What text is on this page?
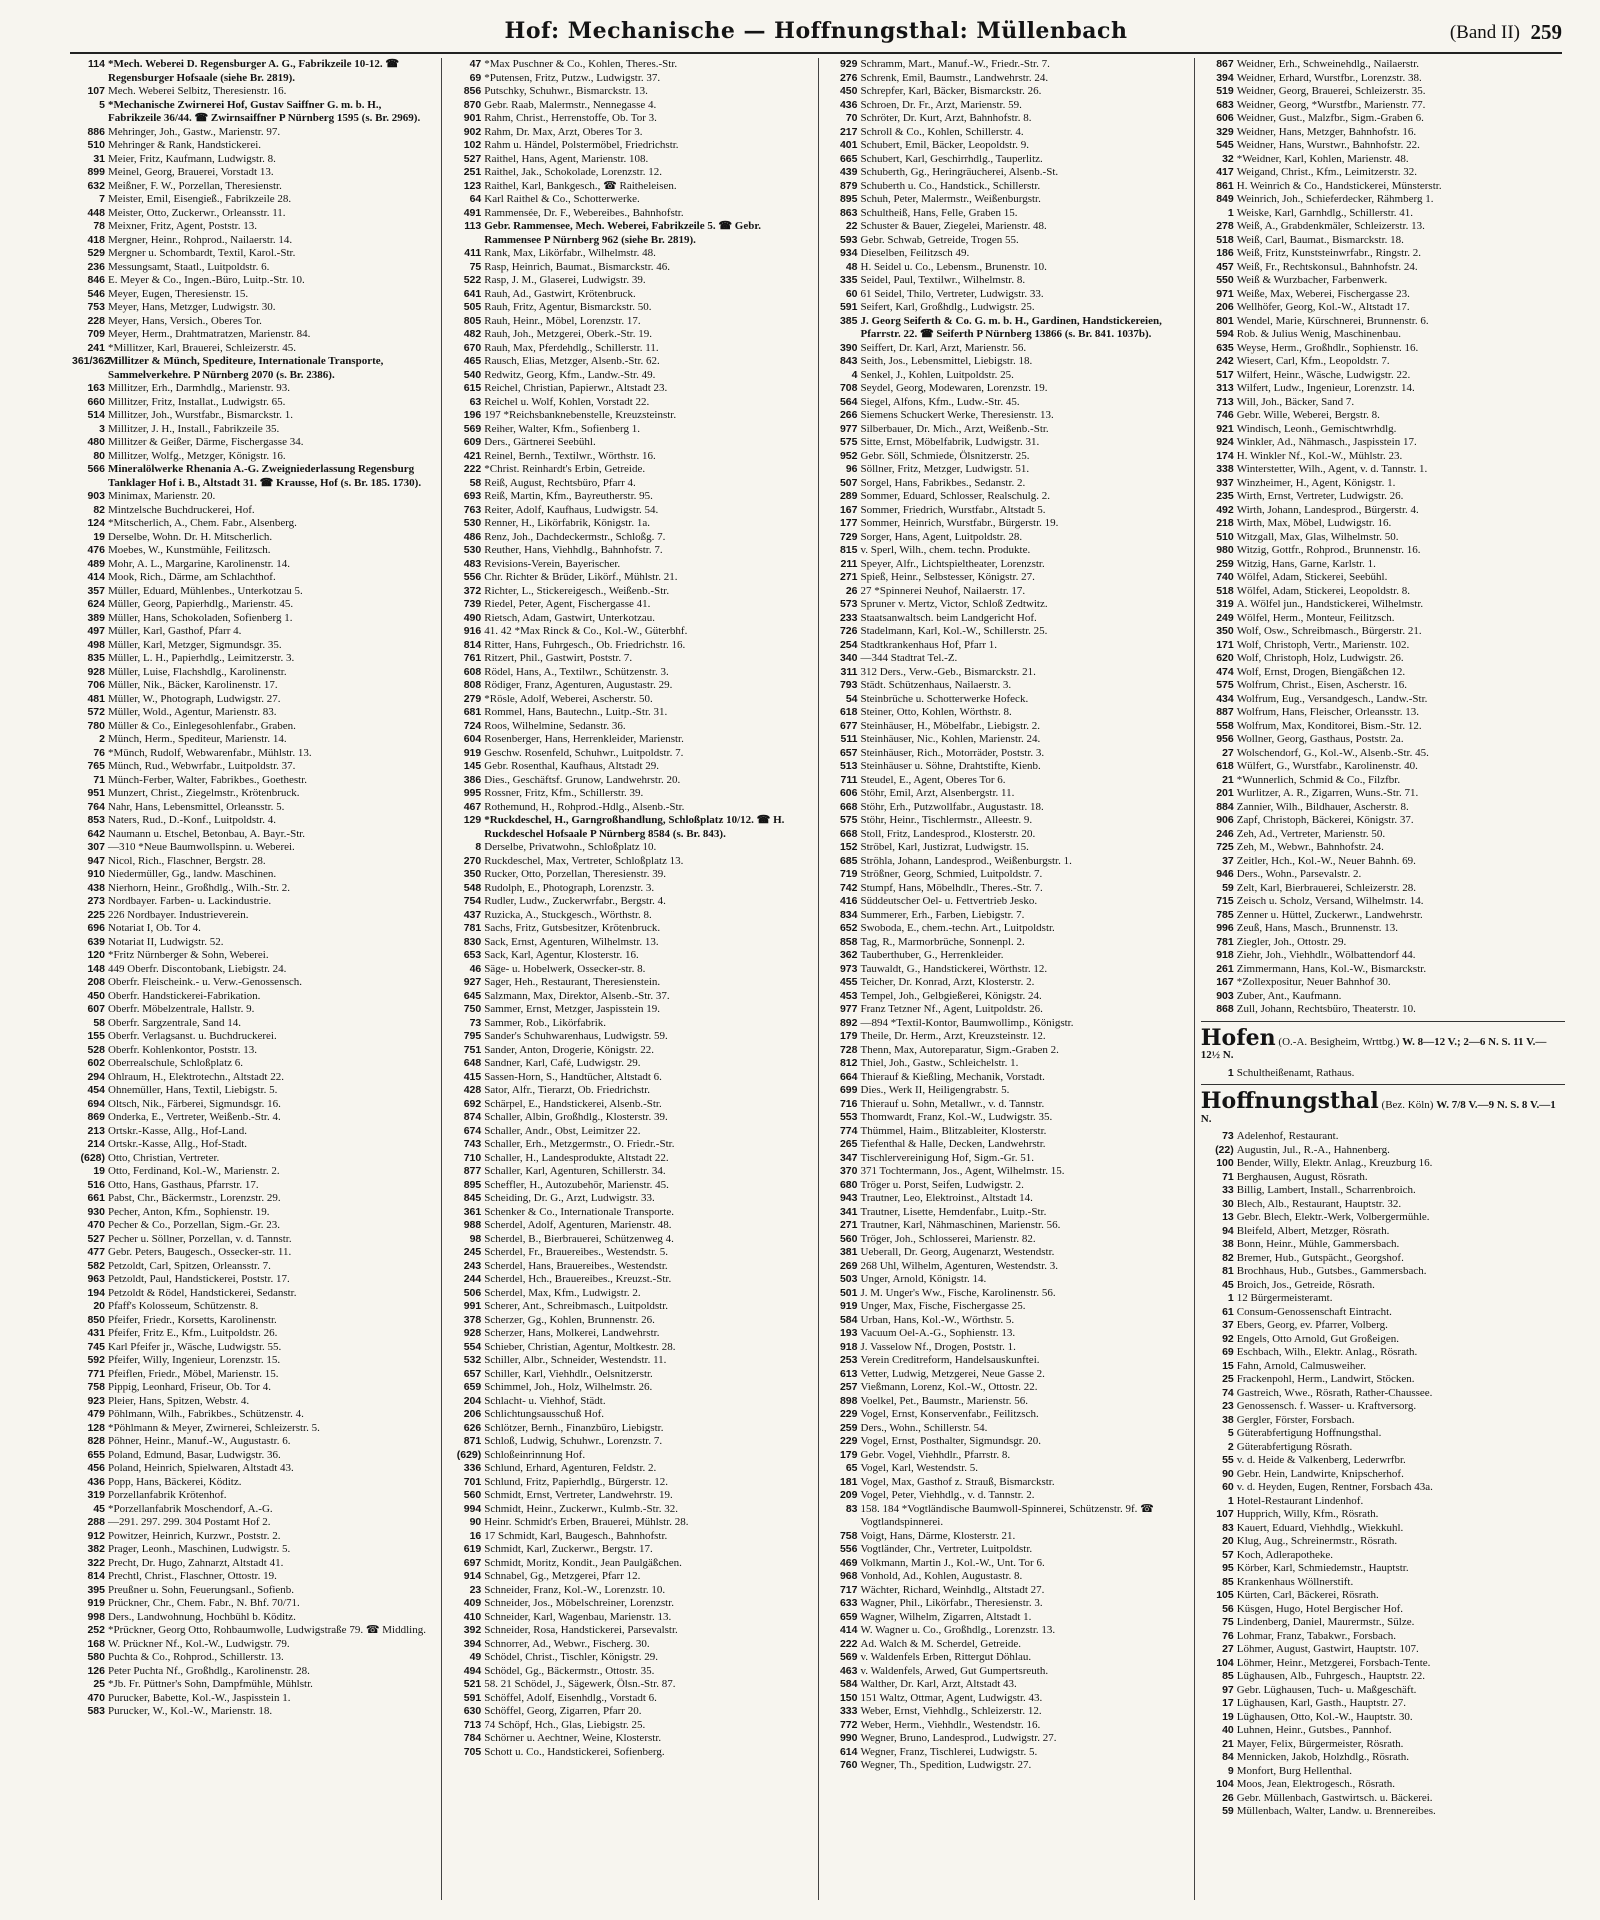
Hof: Mechanische — Hoffnungsthal: Müllenbach	(Band II) 259
114 *Mech. Weberei D. Regensburger A. G., Fabrikzeile 10-12. ☎ Regensburger Hofsaale (siehe Br. 2819).
107 Mech. Weberei Selbitz, Theresienstr. 16.
5 *Mechanische Zwirnerei Hof, Gustav Saiffner G. m. b. H., Fabrikzeile 36/44. ☎ Zwirnsaiffner P Nürnberg 1595 (s. Br. 2969).
886 Mehringer, Joh., Gastw., Marienstr. 97.
510 Mehringer & Rank, Handstickerei.
31 Meier, Fritz, Kaufmann, Ludwigstr. 8.
899 Meinel, Georg, Brauerei, Vorstadt 13.
632 Meißner, F. W., Porzellan, Theresienstr.
7 Meister, Emil, Eisengieß., Fabrikzeile 28.
448 Meister, Otto, Zuckerwr., Orleansstr. 11.
78 Meixner, Fritz, Agent, Poststr. 13.
418 Mergner, Heinr., Rohprod., Nailaerstr. 14.
529 Mergner u. Schombardt, Textil, Karol.-Str.
236 Messungsamt, Staatl., Luitpoldstr. 6.
846 E. Meyer & Co., Ingen.-Büro, Luitp.-Str. 10.
546 Meyer, Eugen, Theresienstr. 15.
753 Meyer, Hans, Metzger, Ludwigstr. 30.
228 Meyer, Hans, Versich., Oberes Tor.
709 Meyer, Herm., Drahtmatratzen, Marienstr. 84.
241 *Millitzer, Karl, Brauerei, Schleizerstr. 45.
361/362
Millitzer & Münch, Spediteure, Internationale Transporte, Sammelverkehre. P Nürnberg 2070 (s. Br. 2386).
163 Millitzer, Erh., Darmhdlg., Marienstr. 93.
660 Millitzer, Fritz, Installat., Ludwigstr. 65.
514 Millitzer, Joh., Wurstfabr., Bismarckstr. 1.
3 Millitzer, J. H., Install., Fabrikzeile 35.
480 Millitzer & Geißer, Därme, Fischergasse 34.
80 Millitzer, Wolfg., Metzger, Königstr. 16.
566 Mineralölwerke Rhenania A.-G. Zweigniederlassung Regensburg Tanklager Hof i. B., Altstadt 31. ☎ Krausse, Hof (s. Br. 185. 1730).
903 Minimax, Marienstr. 20.
82 Mintzelsche Buchdruckerei, Hof.
124 *Mitscherlich, A., Chem. Fabr., Alsenberg.
19 Derselbe, Wohn. Dr. H. Mitscherlich.
476 Moebes, W., Kunstmühle, Feilitzsch.
489 Mohr, A. L., Margarine, Karolinenstr. 14.
414 Mook, Rich., Därme, am Schlachthof.
357 Müller, Eduard, Mühlenbes., Unterkotzau 5.
624 Müller, Georg, Papierhdlg., Marienstr. 45.
389 Müller, Hans, Schokoladen, Sofienberg 1.
497 Müller, Karl, Gasthof, Pfarr 4.
498 Müller, Karl, Metzger, Sigmundsgr. 35.
835 Müller, L. H., Papierhdlg., Leimitzerstr. 3.
928 Müller, Luise, Flachshdlg., Karolinenstr.
706 Müller, Nik., Bäcker, Karolinenstr. 17.
481 Müller, W., Photograph, Ludwigstr. 27.
572 Müller, Wold., Agentur, Marienstr. 83.
780 Müller & Co., Einlegesohlenfabr., Graben.
2 Münch, Herm., Spediteur, Marienstr. 14.
76 *Münch, Rudolf, Webwarenfabr., Mühlstr. 13.
765 Münch, Rud., Webwrfabr., Luitpoldstr. 37.
71 Münch-Ferber, Walter, Fabrikbes., Goethestr.
951 Munzert, Christ., Ziegelmstr., Krötenbruck.
764 Nahr, Hans, Lebensmittel, Orleansstr. 5.
853 Naters, Rud., D.-Konf., Luitpoldstr. 4.
642 Naumann u. Etschel, Betonbau, A. Bayr.-Str.
307 —310 *Neue Baumwollspinn. u. Weberei.
947 Nicol, Rich., Flaschner, Bergstr. 28.
910 Niedermüller, Gg., landw. Maschinen.
438 Nierhorn, Heinr., Großhdlg., Wilh.-Str. 2.
273 Nordbayer. Farben- u. Lackindustrie.
225 226 Nordbayer. Industrieverein.
696 Notariat I, Ob. Tor 4.
639 Notariat II, Ludwigstr. 52.
120 *Fritz Nürnberger & Sohn, Weberei.
148 449 Oberfr. Discontobank, Liebigstr. 24.
208 Oberfr. Fleischeink.- u. Verw.-Genossensch.
450 Oberfr. Handstickerei-Fabrikation.
607 Oberfr. Möbelzentrale, Hallstr. 9.
58 Oberfr. Sargzentrale, Sand 14.
155 Oberfr. Verlagsanst. u. Buchdruckerei.
528 Oberfr. Kohlenkontor, Poststr. 13.
602 Oberrealschule, Schloßplatz 6.
294 Ohlraum, H., Elektrotechn., Altstadt 22.
454 Ohnemüller, Hans, Textil, Liebigstr. 5.
694 Oltsch, Nik., Färberei, Sigmundsgr. 16.
869 Onderka, E., Vertreter, Weißenb.-Str. 4.
213 Ortskr.-Kasse, Allg., Hof-Land.
214 Ortskr.-Kasse, Allg., Hof-Stadt.
(628) Otto, Christian, Vertreter.
19 Otto, Ferdinand, Kol.-W., Marienstr. 2.
516 Otto, Hans, Gasthaus, Pfarrstr. 17.
661 Pabst, Chr., Bäckermstr., Lorenzstr. 29.
930 Pecher, Anton, Kfm., Sophienstr. 19.
470 Pecher & Co., Porzellan, Sigm.-Gr. 23.
527 Pecher u. Söllner, Porzellan, v. d. Tannstr.
477 Gebr. Peters, Baugesch., Ossecker-str. 11.
582 Petzoldt, Carl, Spitzen, Orleansstr. 7.
963 Petzoldt, Paul, Handstickerei, Poststr. 17.
194 Petzoldt & Rödel, Handstickerei, Sedanstr.
20 Pfaff's Kolosseum, Schützenstr. 8.
850 Pfeifer, Friedr., Korsetts, Karolinenstr.
431 Pfeifer, Fritz E., Kfm., Luitpoldstr. 26.
745 Karl Pfeifer jr., Wäsche, Ludwigstr. 55.
592 Pfeifer, Willy, Ingenieur, Lorenzstr. 15.
771 Pfeiflen, Friedr., Möbel, Marienstr. 15.
758 Pippig, Leonhard, Friseur, Ob. Tor 4.
923 Pleier, Hans, Spitzen, Webstr. 4.
479 Pöhlmann, Wilh., Fabrikbes., Schützenstr. 4.
128 *Pöhlmann & Meyer, Zwirnerei, Schleizerstr. 5.
828 Pöhner, Heinr., Manuf.-W., Augustastr. 6.
655 Poland, Edmund, Basar, Ludwigstr. 36.
456 Poland, Heinrich, Spielwaren, Altstadt 43.
436 Popp, Hans, Bäckerei, Köditz.
319 Porzellanfabrik Krötenhof.
45 *Porzellanfabrik Moschendorf, A.-G.
288 —291. 297. 299. 304 Postamt Hof 2.
912 Powitzer, Heinrich, Kurzwr., Poststr. 2.
382 Prager, Leonh., Maschinen, Ludwigstr. 5.
322 Precht, Dr. Hugo, Zahnarzt, Altstadt 41.
814 Prechtl, Christ., Flaschner, Ottostr. 19.
395 Preußner u. Sohn, Feuerungsanl., Sofienb.
919 Prückner, Chr., Chem. Fabr., N. Bhf. 70/71.
998 Ders., Landwohnung, Hochbühl b. Köditz.
252 *Prückner, Georg Otto, Rohbaumwolle, Ludwigstraße 79. ☎ Middling.
168 W. Prückner Nf., Kol.-W., Ludwigstr. 79.
580 Puchta & Co., Rohprod., Schillerstr. 13.
126 Peter Puchta Nf., Großhdlg., Karolinenstr. 28.
25 *Jb. Fr. Püttner's Sohn, Dampfmühle, Mühlstr.
470 Purucker, Babette, Kol.-W., Jaspisstein 1.
583 Purucker, W., Kol.-W., Marienstr. 18.
47 *Max Puschner & Co., Kohlen, Theres.-Str.
69 *Putensen, Fritz, Putzw., Ludwigstr. 37.
856 Putschky, Schuhwr., Bismarckstr. 13.
870 Gebr. Raab, Malermstr., Nennegasse 4.
901 Rahm, Christ., Herrenstoffe, Ob. Tor 3.
902 Rahm, Dr. Max, Arzt, Oberes Tor 3.
102 Rahm u. Händel, Polstermöbel, Friedrichstr.
527 Raithel, Hans, Agent, Marienstr. 108.
251 Raithel, Jak., Schokolade, Lorenzstr. 12.
123 Raithel, Karl, Bankgesch., ☎ Raitheleisen.
64 Karl Raithel & Co., Schotterwerke.
491 Rammensée, Dr. F., Webereibes., Bahnhofstr.
113 Gebr. Rammensee, Mech. Weberei, Fabrikzeile 5. ☎ Gebr. Rammensee P Nürnberg 962 (siehe Br. 2819).
411 Rank, Max, Likörfabr., Wilhelmstr. 48.
75 Rasp, Heinrich, Baumat., Bismarckstr. 46.
522 Rasp, J. M., Glaserei, Ludwigstr. 39.
641 Rauh, Ad., Gastwirt, Krötenbruck.
505 Rauh, Fritz, Agentur, Bismarckstr. 50.
805 Rauh, Heinr., Möbel, Lorenzstr. 17.
482 Rauh, Joh., Metzgerei, Oberk.-Str. 19.
670 Rauh, Max, Pferdehdlg., Schillerstr. 11.
465 Rausch, Elias, Metzger, Alsenb.-Str. 62.
540 Redwitz, Georg, Kfm., Landw.-Str. 49.
615 Reichel, Christian, Papierwr., Altstadt 23.
63 Reichel u. Wolf, Kohlen, Vorstadt 22.
196 197 *Reichsbanknebenstelle, Kreuzsteinstr.
569 Reiher, Walter, Kfm., Sofienberg 1.
609 Ders., Gärtnerei Seebühl.
421 Reinel, Bernh., Textilwr., Wörthstr. 16.
222 *Christ. Reinhardt's Erbin, Getreide.
58 Reiß, August, Rechtsbüro, Pfarr 4.
693 Reiß, Martin, Kfm., Bayreutherstr. 95.
763 Reiter, Adolf, Kaufhaus, Ludwigstr. 54.
530 Renner, H., Likörfabrik, Königstr. 1a.
486 Renz, Joh., Dachdeckermstr., Schloßg. 7.
530 Reuther, Hans, Viehhdlg., Bahnhofstr. 7.
483 Revisions-Verein, Bayerischer.
556 Chr. Richter & Brüder, Likörf., Mühlstr. 21.
372 Richter, L., Stickereigesch., Weißenb.-Str.
739 Riedel, Peter, Agent, Fischergasse 41.
490 Rietsch, Adam, Gastwirt, Unterkotzau.
916 41. 42 *Max Rinck & Co., Kol.-W., Güterbhf.
814 Ritter, Hans, Fuhrgesch., Ob. Friedrichstr. 16.
761 Ritzert, Phil., Gastwirt, Poststr. 7.
608 Rödel, Hans, A., Textilwr., Schützenstr. 3.
808 Rödiger, Franz, Agenturen, Augustastr. 29.
279 *Rösle, Adolf, Weberei, Ascherstr. 50.
681 Rommel, Hans, Bautechn., Luitp.-Str. 31.
724 Roos, Wilhelmine, Sedanstr. 36.
604 Rosenberger, Hans, Herrenkleider, Marienstr.
919 Geschw. Rosenfeld, Schuhwr., Luitpoldstr. 7.
145 Gebr. Rosenthal, Kaufhaus, Altstadt 29.
386 Dies., Geschäftsf. Grunow, Landwehrstr. 20.
995 Rossner, Fritz, Kfm., Schillerstr. 39.
467 Rothemund, H., Rohprod.-Hdlg., Alsenb.-Str.
129 *Ruckdeschel, H., Garngroßhandlung, Schloßplatz 10/12. ☎ H. Ruckdeschel Hofsaale P Nürnberg 8584 (s. Br. 843).
8 Derselbe, Privatwohn., Schloßplatz 10.
270 Ruckdeschel, Max, Vertreter, Schloßplatz 13.
350 Rucker, Otto, Porzellan, Theresienstr. 39.
548 Rudolph, E., Photograph, Lorenzstr. 3.
754 Rudler, Ludw., Zuckerwrfabr., Bergstr. 4.
437 Ruzicka, A., Stuckgesch., Wörthstr. 8.
781 Sachs, Fritz, Gutsbesitzer, Krötenbruck.
830 Sack, Ernst, Agenturen, Wilhelmstr. 13.
653 Sack, Karl, Agentur, Klosterstr. 16.
46 Säge- u. Hobelwerk, Ossecker-str. 8.
927 Sager, Heh., Restaurant, Theresienstein.
645 Salzmann, Max, Direktor, Alsenb.-Str. 37.
750 Sammer, Ernst, Metzger, Jaspisstein 19.
73 Sammer, Rob., Likörfabrik.
795 Sander's Schuhwarenhaus, Ludwigstr. 59.
751 Sander, Anton, Drogerie, Königstr. 22.
648 Sandner, Karl, Café, Ludwigstr. 29.
415 Sassen-Horn, S., Handtücher, Altstadt 6.
428 Sator, Alfr., Tierarzt, Ob. Friedrichstr.
692 Schärpel, E., Handstickerei, Alsenb.-Str.
874 Schaller, Albin, Großhdlg., Klosterstr. 39.
674 Schaller, Andr., Obst, Leimitzer 22.
743 Schaller, Erh., Metzgermstr., O. Friedr.-Str.
710 Schaller, H., Landesprodukte, Altstadt 22.
877 Schaller, Karl, Agenturen, Schillerstr. 34.
895 Scheffler, H., Autozubehör, Marienstr. 45.
845 Scheiding, Dr. G., Arzt, Ludwigstr. 33.
361 Schenker & Co., Internationale Transporte.
988 Scherdel, Adolf, Agenturen, Marienstr. 48.
98 Scherdel, B., Bierbrauerei, Schützenweg 4.
245 Scherdel, Fr., Brauereibes., Westendstr. 5.
243 Scherdel, Hans, Brauereibes., Westendstr.
244 Scherdel, Hch., Brauereibes., Kreuzst.-Str.
506 Scherdel, Max, Kfm., Ludwigstr. 2.
991 Scherer, Ant., Schreibmasch., Luitpoldstr.
378 Scherzer, Gg., Kohlen, Brunnenstr. 26.
928 Scherzer, Hans, Molkerei, Landwehrstr.
554 Schieber, Christian, Agentur, Moltkestr. 28.
532 Schiller, Albr., Schneider, Westendstr. 11.
657 Schiller, Karl, Viehhdlr., Oelsnitzerstr.
659 Schimmel, Joh., Holz, Wilhelmstr. 26.
204 Schlacht- u. Viehhof, Städt.
206 Schlichtungsausschuß Hof.
626 Schlötzer, Bernh., Finanzbüro, Liebigstr.
871 Schloß, Ludwig, Schuhwr., Lorenzstr. 7.
(629) Schloßeinrinnung Hof.
336 Schlund, Erhard, Agenturen, Feldstr. 2.
701 Schlund, Fritz, Papierhdlg., Bürgerstr. 12.
560 Schmidt, Ernst, Vertreter, Landwehrstr. 19.
994 Schmidt, Heinr., Zuckerwr., Kulmb.-Str. 32.
90 Heinr. Schmidt's Erben, Brauerei, Mühlstr. 28.
16 17 Schmidt, Karl, Baugesch., Bahnhofstr.
619 Schmidt, Karl, Zuckerwr., Bergstr. 17.
697 Schmidt, Moritz, Kondit., Jean Paulgäßchen.
914 Schnabel, Gg., Metzgerei, Pfarr 12.
23 Schneider, Franz, Kol.-W., Lorenzstr. 10.
409 Schneider, Jos., Möbelschreiner, Lorenzstr.
410 Schneider, Karl, Wagenbau, Marienstr. 13.
392 Schneider, Rosa, Handstickerei, Parsevalstr.
394 Schnorrer, Ad., Webwr., Fischerg. 30.
49 Schödel, Christ., Tischler, Königstr. 29.
494 Schödel, Gg., Bäckermstr., Ottostr. 35.
521 58. 21 Schödel, J., Sägewerk, Ölsn.-Str. 87.
591 Schöffel, Adolf, Eisenhdlg., Vorstadt 6.
630 Schöffel, Georg, Zigarren, Pfarr 20.
713 74 Schöpf, Hch., Glas, Liebigstr. 25.
784 Schörner u. Aechtner, Weine, Klosterstr.
705 Schott u. Co., Handstickerei, Sofienberg.
929 Schramm, Mart., Manuf.-W., Friedr.-Str. 7.
276 Schrenk, Emil, Baumstr., Landwehrstr. 24.
450 Schrepfer, Karl, Bäcker, Bismarckstr. 26.
436 Schroen, Dr. Fr., Arzt, Marienstr. 59.
70 Schröter, Dr. Kurt, Arzt, Bahnhofstr. 8.
217 Schroll & Co., Kohlen, Schillerstr. 4.
401 Schubert, Emil, Bäcker, Leopoldstr. 9.
665 Schubert, Karl, Geschirrhdlg., Tauperlitz.
439 Schuberth, Gg., Heringräucherei, Alsenb.-St.
879 Schuberth u. Co., Handstick., Schillerstr.
895 Schuh, Peter, Malermstr., Weißenburgstr.
863 Schultheiß, Hans, Felle, Graben 15.
22 Schuster & Bauer, Ziegelei, Marienstr. 48.
593 Gebr. Schwab, Getreide, Trogen 55.
934 Dieselben, Feilitzsch 49.
48 H. Seidel u. Co., Lebensm., Brunenstr. 10.
335 Seidel, Paul, Textilwr., Wilhelmstr. 8.
60 61 Seidel, Thilo, Vertreter, Ludwigstr. 33.
591 Seifert, Karl, Großhdlg., Ludwigstr. 25.
385 J. Georg Seiferth & Co. G. m. b. H., Gardinen, Handstickereien, Pfarrstr. 22. ☎ Seiferth P Nürnberg 13866 (s. Br. 841. 1037b).
390 Seiffert, Dr. Karl, Arzt, Marienstr. 56.
843 Seith, Jos., Lebensmittel, Liebigstr. 18.
4 Senkel, J., Kohlen, Luitpoldstr. 25.
708 Seydel, Georg, Modewaren, Lorenzstr. 19.
564 Siegel, Alfons, Kfm., Ludw.-Str. 45.
266 Siemens Schuckert Werke, Theresienstr. 13.
977 Silberbauer, Dr. Mich., Arzt, Weißenb.-Str.
575 Sitte, Ernst, Möbelfabrik, Ludwigstr. 31.
952 Gebr. Söll, Schmiede, Ölsnitzerstr. 25.
96 Söllner, Fritz, Metzger, Ludwigstr. 51.
507 Sorgel, Hans, Fabrikbes., Sedanstr. 2.
289 Sommer, Eduard, Schlosser, Realschulg. 2.
167 Sommer, Friedrich, Wurstfabr., Altstadt 5.
177 Sommer, Heinrich, Wurstfabr., Bürgerstr. 19.
729 Sorger, Hans, Agent, Luitpoldstr. 28.
815 v. Sperl, Wilh., chem. techn. Produkte.
211 Speyer, Alfr., Lichtspieltheater, Lorenzstr.
271 Spieß, Heinr., Selbstesser, Königstr. 27.
26 27 *Spinnerei Neuhof, Nailaerstr. 17.
573 Spruner v. Mertz, Victor, Schloß Zedtwitz.
233 Staatsanwaltsch. beim Landgericht Hof.
726 Stadelmann, Karl, Kol.-W., Schillerstr. 25.
254 Stadtkrankenhaus Hof, Pfarr 1.
340 —344 Stadtrat Tel.-Z.
311 312 Ders., Verw.-Geb., Bismarckstr. 21.
793 Städt. Schützenhaus, Nailaerstr. 3.
54 Steinbrüche u. Schotterwerke Hofeck.
618 Steiner, Otto, Kohlen, Wörthstr. 8.
677 Steinhäuser, H., Möbelfabr., Liebigstr. 2.
511 Steinhäuser, Nic., Kohlen, Marienstr. 24.
657 Steinhäuser, Rich., Motorräder, Poststr. 3.
513 Steinhäuser u. Söhne, Drahtstifte, Kienb.
711 Steudel, E., Agent, Oberes Tor 6.
606 Stöhr, Emil, Arzt, Alsenbergstr. 11.
668 Stöhr, Erh., Putzwollfabr., Augustastr. 18.
575 Stöhr, Heinr., Tischlermstr., Alleestr. 9.
668 Stoll, Fritz, Landesprod., Klosterstr. 20.
152 Ströbel, Karl, Justizrat, Ludwigstr. 15.
685 Ströhla, Johann, Landesprod., Weißenburgstr. 1.
719 Strößner, Georg, Schmied, Luitpoldstr. 7.
742 Stumpf, Hans, Möbelhdlr., Theres.-Str. 7.
416 Süddeutscher Oel- u. Fettvertrieb Jesko.
834 Summerer, Erh., Farben, Liebigstr. 7.
652 Swoboda, E., chem.-techn. Art., Luitpoldstr.
858 Tag, R., Marmorbrüche, Sonnenpl. 2.
362 Tauberthuber, G., Herrenkleider.
973 Tauwaldt, G., Handstickerei, Wörthstr. 12.
455 Teicher, Dr. Konrad, Arzt, Klosterstr. 2.
453 Tempel, Joh., Gelbgießerei, Königstr. 24.
977 Franz Tetzner Nf., Agent, Luitpoldstr. 26.
892 —894 *Textil-Kontor, Baumwollimp., Königstr.
179 Theile, Dr. Herm., Arzt, Kreuzsteinstr. 12.
728 Thenn, Max, Autoreparatur, Sigm.-Graben 2.
812 Thiel, Joh., Gastw., Schleichelstr. 1.
664 Thierauf & Kießling, Mechanik, Vorstadt.
699 Dies., Werk II, Heiligengrabstr. 5.
716 Thierauf u. Sohn, Metallwr., v. d. Tannstr.
553 Thomwardt, Franz, Kol.-W., Ludwigstr. 35.
774 Thümmel, Haim., Blitzableiter, Klosterstr.
265 Tiefenthal & Halle, Decken, Landwehrstr.
347 Tischlervereinigung Hof, Sigm.-Gr. 51.
370 371 Tochtermann, Jos., Agent, Wilhelmstr. 15.
680 Tröger u. Porst, Seifen, Ludwigstr. 2.
943 Trautner, Leo, Elektroinst., Altstadt 14.
341 Trautner, Lisette, Hemdenfabr., Luitp.-Str.
271 Trautner, Karl, Nähmaschinen, Marienstr. 56.
560 Tröger, Joh., Schlosserei, Marienstr. 82.
381 Ueberall, Dr. Georg, Augenarzt, Westendstr.
269 268 Uhl, Wilhelm, Agenturen, Westendstr. 3.
503 Unger, Arnold, Königstr. 14.
501 J. M. Unger's Ww., Fische, Karolinenstr. 56.
919 Unger, Max, Fische, Fischergasse 25.
584 Urban, Hans, Kol.-W., Wörthstr. 5.
193 Vacuum Oel-A.-G., Sophienstr. 13.
918 J. Vasselow Nf., Drogen, Poststr. 1.
253 Verein Creditreform, Handelsauskunftei.
613 Vetter, Ludwig, Metzgerei, Neue Gasse 2.
257 Vießmann, Lorenz, Kol.-W., Ottostr. 22.
898 Voelkel, Pet., Baumstr., Marienstr. 56.
229 Vogel, Ernst, Konservenfabr., Feilitzsch.
259 Ders., Wohn., Schillerstr. 54.
229 Vogel, Ernst, Posthalter, Sigmundsgr. 20.
179 Gebr. Vogel, Viehhdlr., Pfarrstr. 8.
65 Vogel, Karl, Westendstr. 5.
181 Vogel, Max, Gasthof z. Strauß, Bismarckstr.
209 Vogel, Peter, Viehhdlg., v. d. Tannstr. 2.
83 158. 184 *Vogtländische Baumwoll-Spinnerei, Schützenstr. 9f. ☎ Vogtlandspinnerei.
758 Voigt, Hans, Därme, Klosterstr. 21.
556 Vogtländer, Chr., Vertreter, Luitpoldstr.
469 Volkmann, Martin J., Kol.-W., Unt. Tor 6.
968 Vonhold, Ad., Kohlen, Augustastr. 8.
717 Wächter, Richard, Weinhdlg., Altstadt 27.
633 Wagner, Phil., Likörfabr., Theresienstr. 3.
659 Wagner, Wilhelm, Zigarren, Altstadt 1.
414 W. Wagner u. Co., Großhdlg., Lorenzstr. 13.
222 Ad. Walch & M. Scherdel, Getreide.
569 v. Waldenfels Erben, Rittergut Döhlau.
463 v. Waldenfels, Arwed, Gut Gumpertsreuth.
584 Walther, Dr. Karl, Arzt, Altstadt 43.
150 151 Waltz, Ottmar, Agent, Ludwigstr. 43.
333 Weber, Ernst, Viehhdlg., Schleizerstr. 12.
772 Weber, Herm., Viehhdlr., Westendstr. 16.
990 Wegner, Bruno, Landesprod., Ludwigstr. 27.
614 Wegner, Franz, Tischlerei, Ludwigstr. 5.
760 Wegner, Th., Spedition, Ludwigstr. 27.
867 Weidner, Erh., Schweinehdlg., Nailaerstr.
394 Weidner, Erhard, Wurstfbr., Lorenzstr. 38.
519 Weidner, Georg, Brauerei, Schleizerstr. 35.
683 Weidner, Georg, *Wurstfbr., Marienstr. 77.
606 Weidner, Gust., Malzfbr., Sigm.-Graben 6.
329 Weidner, Hans, Metzger, Bahnhofstr. 16.
545 Weidner, Hans, Wurstwr., Bahnhofstr. 22.
32 *Weidner, Karl, Kohlen, Marienstr. 48.
417 Weigand, Christ., Kfm., Leimitzerstr. 32.
861 H. Weinrich & Co., Handstickerei, Münsterstr.
849 Weinrich, Joh., Schieferdecker, Rähmberg 1.
1 Weiske, Karl, Garnhdlg., Schillerstr. 41.
278 Weiß, A., Grabdenkmäler, Schleizerstr. 13.
518 Weiß, Carl, Baumat., Bismarckstr. 18.
186 Weiß, Fritz, Kunststeinwrfabr., Ringstr. 2.
457 Weiß, Fr., Rechtskonsul., Bahnhofstr. 24.
550 Weiß & Wurzbacher, Farbenwerk.
971 Weiße, Max, Weberei, Fischergasse 23.
206 Wellhöfer, Georg, Kol.-W., Altstadt 17.
801 Wendel, Marie, Kürschnerei, Brunnenstr. 6.
594 Rob. & Julius Wenig, Maschinenbau.
635 Weyse, Herm., Großhdlr., Sophienstr. 16.
242 Wiesert, Carl, Kfm., Leopoldstr. 7.
517 Wilfert, Heinr., Wäsche, Ludwigstr. 22.
313 Wilfert, Ludw., Ingenieur, Lorenzstr. 14.
713 Will, Joh., Bäcker, Sand 7.
746 Gebr. Wille, Weberei, Bergstr. 8.
921 Windisch, Leonh., Gemischtwrhdlg.
924 Winkler, Ad., Nähmasch., Jaspisstein 17.
174 H. Winkler Nf., Kol.-W., Mühlstr. 23.
338 Winterstetter, Wilh., Agent, v. d. Tannstr. 1.
937 Winzheimer, H., Agent, Königstr. 1.
235 Wirth, Ernst, Vertreter, Ludwigstr. 26.
492 Wirth, Johann, Landesprod., Bürgerstr. 4.
218 Wirth, Max, Möbel, Ludwigstr. 16.
510 Witzgall, Max, Glas, Wilhelmstr. 50.
980 Witzig, Gottfr., Rohprod., Brunnenstr. 16.
259 Witzig, Hans, Garne, Karlstr. 1.
740 Wölfel, Adam, Stickerei, Seebühl.
518 Wölfel, Adam, Stickerei, Leopoldstr. 8.
319 A. Wölfel jun., Handstickerei, Wilhelmstr.
249 Wölfel, Herm., Monteur, Feilitzsch.
350 Wolf, Osw., Schreibmasch., Bürgerstr. 21.
171 Wolf, Christoph, Vertr., Marienstr. 102.
620 Wolf, Christoph, Holz, Ludwigstr. 26.
474 Wolf, Ernst, Drogen, Biengäßchen 12.
575 Wolfrum, Christ., Eisen, Ascherstr. 16.
434 Wolfrum, Eug., Versandgesch., Landw.-Str.
887 Wolfrum, Hans, Fleischer, Orleansstr. 13.
558 Wolfrum, Max, Konditorei, Bism.-Str. 12.
956 Wollner, Georg, Gasthaus, Poststr. 2a.
27 Wolschendorf, G., Kol.-W., Alsenb.-Str. 45.
618 Wülfert, G., Wurstfabr., Karolinenstr. 40.
21 *Wunnerlich, Schmid & Co., Filzfbr.
201 Wurlitzer, A. R., Zigarren, Wuns.-Str. 71.
884 Zannier, Wilh., Bildhauer, Ascherstr. 8.
906 Zapf, Christoph, Bäckerei, Königstr. 37.
246 Zeh, Ad., Vertreter, Marienstr. 50.
725 Zeh, M., Webwr., Bahnhofstr. 24.
37 Zeitler, Hch., Kol.-W., Neuer Bahnh. 69.
946 Ders., Wohn., Parsevalstr. 2.
59 Zelt, Karl, Bierbrauerei, Schleizerstr. 28.
715 Zeisch u. Scholz, Versand, Wilhelmstr. 14.
785 Zenner u. Hüttel, Zuckerwr., Landwehrstr.
996 Zeuß, Hans, Masch., Brunnenstr. 13.
781 Ziegler, Joh., Ottostr. 29.
918 Ziehr, Joh., Viehhdlr., Wölbattendorf 44.
261 Zimmermann, Hans, Kol.-W., Bismarckstr.
167 *Zollexpositur, Neuer Bahnhof 30.
903 Zuber, Ant., Kaufmann.
868 Zull, Johann, Rechtsbüro, Theaterstr. 10.
Hofen (O.-A. Besigheim, Wrttbg.) W. 8—12 V.; 2—6 N. S. 11 V.—12½ N.
1 Schultheißenamt, Rathaus.
Hoffnungsthal (Bez. Köln) W. 7/8 V.—9 N. S. 8 V.—1 N.
73 Adelenhof, Restaurant.
(22) Augustin, Jul., R.-A., Hahnenberg.
100 Bender, Willy, Elektr. Anlag., Kreuzburg 16.
71 Berghausen, August, Rösrath.
33 Billig, Lambert, Install., Scharrenbroich.
30 Blech, Alb., Restaurant, Hauptstr. 32.
13 Gebr. Blech, Elektr.-Werk, Volbergermühle.
94 Bleifeld, Albert, Metzger, Rösrath.
38 Bonn, Heinr., Mühle, Gammersbach.
82 Bremer, Hub., Gutspächt., Georgshof.
81 Brochhaus, Hub., Gutsbes., Gammersbach.
45 Broich, Jos., Getreide, Rösrath.
1 12 Bürgermeisteramt.
61 Consum-Genossenschaft Eintracht.
37 Ebers, Georg, ev. Pfarrer, Volberg.
92 Engels, Otto Arnold, Gut Großeigen.
69 Eschbach, Wilh., Elektr. Anlag., Rösrath.
15 Fahn, Arnold, Calmusweiher.
25 Frackenpohl, Herm., Landwirt, Stöcken.
74 Gastreich, Wwe., Rösrath, Rather-Chaussee.
23 Genossensch. f. Wasser- u. Kraftversorg.
38 Gergler, Förster, Forsbach.
5 Güterabfertigung Hoffnungsthal.
2 Güterabfertigung Rösrath.
55 v. d. Heide & Valkenberg, Lederwrfbr.
90 Gebr. Hein, Landwirte, Knipscherhof.
60 v. d. Heyden, Eugen, Rentner, Forsbach 43a.
1 Hotel-Restaurant Lindenhof.
107 Hupprich, Willy, Kfm., Rösrath.
83 Kauert, Eduard, Viehhdlg., Wiekkuhl.
20 Klug, Aug., Schreinermstr., Rösrath.
57 Koch, Adlerapotheke.
95 Körber, Karl, Schmiedemstr., Hauptstr.
85 Krankenhaus Wöllnerstift.
105 Kürten, Carl, Bäckerei, Rösrath.
56 Küsgen, Hugo, Hotel Bergischer Hof.
75 Lindenberg, Daniel, Maurermstr., Sülze.
76 Lohmar, Franz, Tabakwr., Forsbach.
27 Löhmer, August, Gastwirt, Hauptstr. 107.
104 Löhmer, Heinr., Metzgerei, Forsbach-Tente.
85 Lüghausen, Alb., Fuhrgesch., Hauptstr. 22.
97 Gebr. Lüghausen, Tuch- u. Maßgeschäft.
17 Lüghausen, Karl, Gasth., Hauptstr. 27.
19 Lüghausen, Otto, Kol.-W., Hauptstr. 30.
40 Luhnen, Heinr., Gutsbes., Pannhof.
21 Mayer, Felix, Bürgermeister, Rösrath.
84 Mennicken, Jakob, Holzhdlg., Rösrath.
9 Monfort, Burg Hellenthal.
104 Moos, Jean, Elektrogesch., Rösrath.
26 Gebr. Müllenbach, Gastwirtsch. u. Bäckerei.
59 Müllenbach, Walter, Landw. u. Brennereibes.
